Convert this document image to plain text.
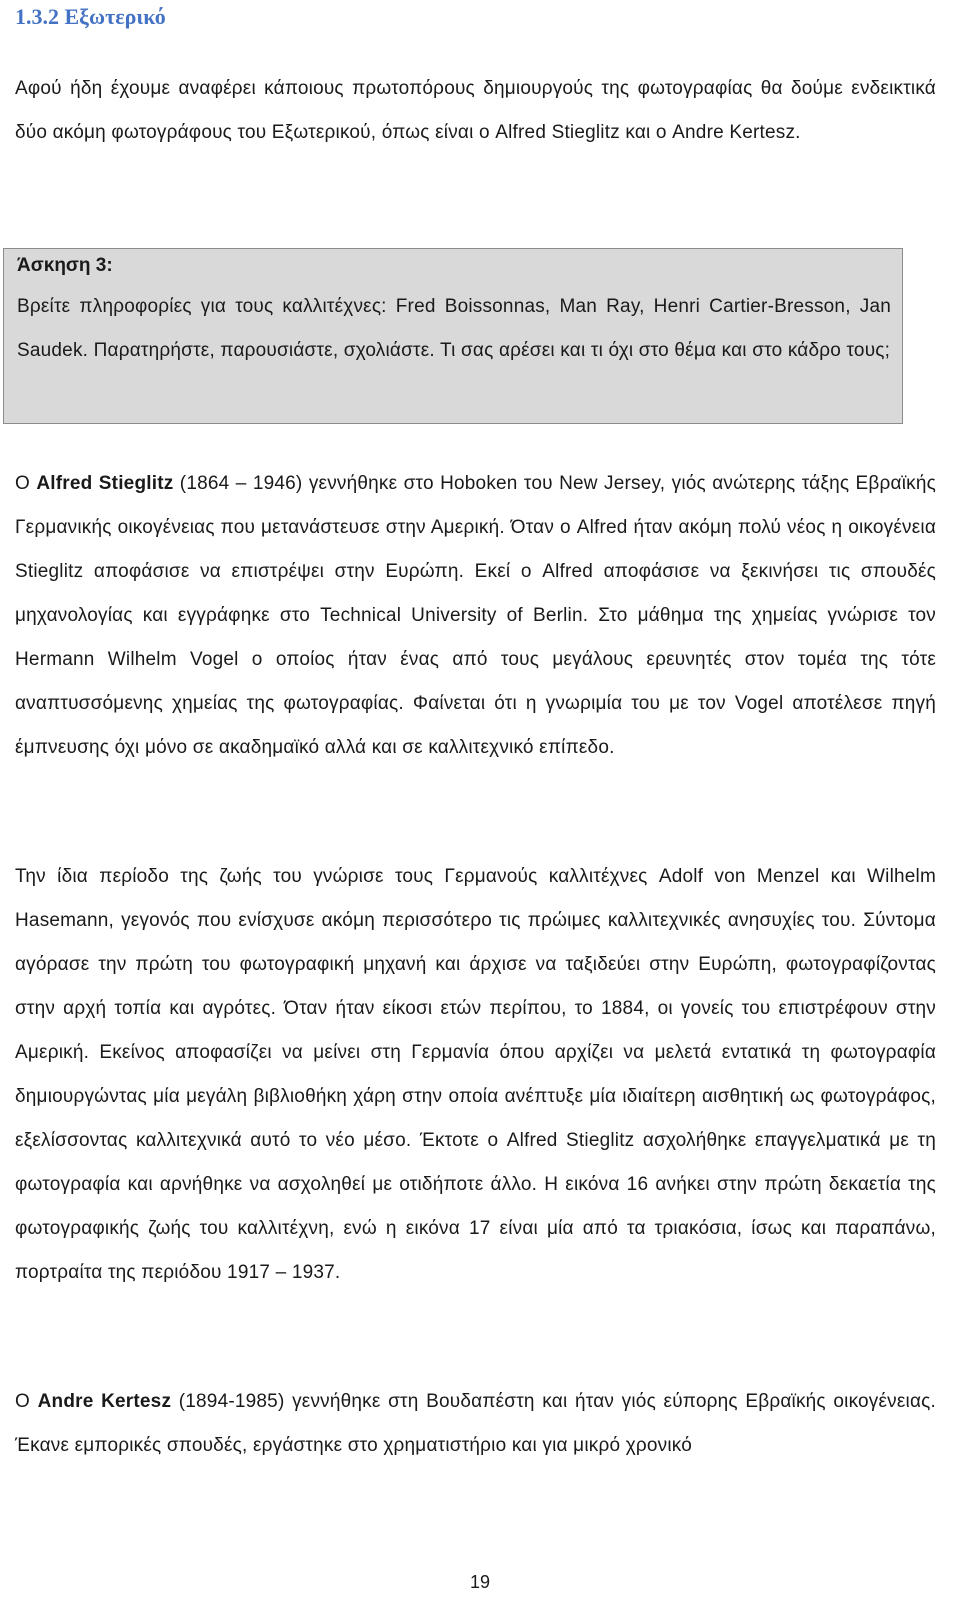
1.3.2 Εξωτερικό

Αφού ήδη έχουμε αναφέρει κάποιους πρωτοπόρους δημιουργούς της φωτογραφίας θα δούμε ενδεικτικά δύο ακόμη φωτογράφους του Εξωτερικού, όπως είναι ο Alfred Stieglitz και ο Andre Kertesz.

Άσκηση 3:

Βρείτε πληροφορίες για τους καλλιτέχνες: Fred Boissonnas, Man Ray, Henri Cartier-Bresson, Jan Saudek. Παρατηρήστε, παρουσιάστε, σχολιάστε. Τι σας αρέσει και τι όχι στο θέμα και στο κάδρο τους;

Ο Alfred Stieglitz (1864 – 1946) γεννήθηκε στο Hoboken του New Jersey, γιός ανώτερης τάξης Εβραϊκής Γερμανικής οικογένειας που μετανάστευσε στην Αμερική. Όταν ο Alfred ήταν ακόμη πολύ νέος η οικογένεια Stieglitz αποφάσισε να επιστρέψει στην Ευρώπη. Εκεί ο Alfred αποφάσισε να ξεκινήσει τις σπουδές μηχανολογίας και εγγράφηκε στο Technical University of Berlin. Στο μάθημα της χημείας γνώρισε τον Hermann Wilhelm Vogel ο οποίος ήταν ένας από τους μεγάλους ερευνητές στον τομέα της τότε αναπτυσσόμενης χημείας της φωτογραφίας. Φαίνεται ότι η γνωριμία του με τον Vogel αποτέλεσε πηγή έμπνευσης όχι μόνο σε ακαδημαϊκό αλλά και σε καλλιτεχνικό επίπεδο.

Την ίδια περίοδο της ζωής του γνώρισε τους Γερμανούς καλλιτέχνες Adolf von Menzel και Wilhelm Hasemann, γεγονός που ενίσχυσε ακόμη περισσότερο τις πρώιμες καλλιτεχνικές ανησυχίες του. Σύντομα αγόρασε την πρώτη του φωτογραφική μηχανή και άρχισε να ταξιδεύει στην Ευρώπη, φωτογραφίζοντας στην αρχή τοπία και αγρότες. Όταν ήταν είκοσι ετών περίπου, το 1884, οι γονείς του επιστρέφουν στην Αμερική. Εκείνος αποφασίζει να μείνει στη Γερμανία όπου αρχίζει να μελετά εντατικά τη φωτογραφία δημιουργώντας μία μεγάλη βιβλιοθήκη χάρη στην οποία ανέπτυξε μία ιδιαίτερη αισθητική ως φωτογράφος, εξελίσσοντας καλλιτεχνικά αυτό το νέο μέσο. Έκτοτε ο Alfred Stieglitz ασχολήθηκε επαγγελματικά με τη φωτογραφία και αρνήθηκε να ασχοληθεί με οτιδήποτε άλλο. Η εικόνα 16 ανήκει στην πρώτη δεκαετία της φωτογραφικής ζωής του καλλιτέχνη, ενώ η εικόνα 17 είναι μία από τα τριακόσια, ίσως και παραπάνω, πορτραίτα της περιόδου 1917 – 1937.

Ο Andre Kertesz (1894-1985) γεννήθηκε στη Βουδαπέστη και ήταν γιός εύπορης Εβραϊκής οικογένειας. Έκανε εμπορικές σπουδές, εργάστηκε στο χρηματιστήριο και για μικρό χρονικό

19
